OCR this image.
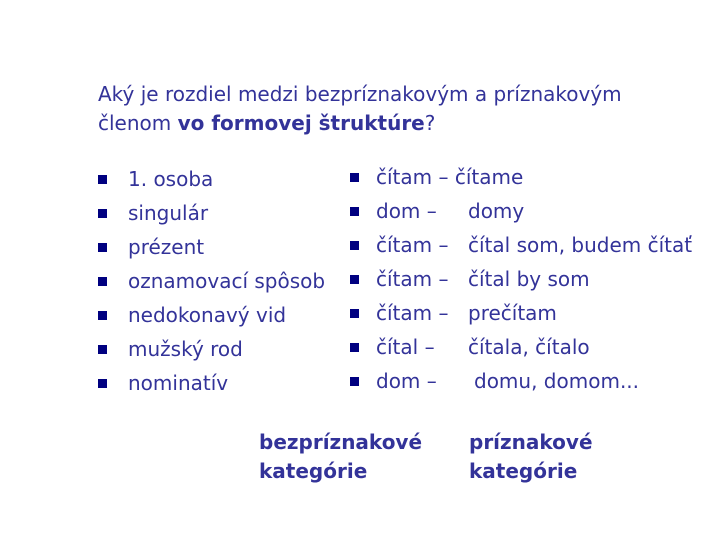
Aký je rozdiel medzi bezpríznakovým a príznakovým
členom vo formovej štruktúre?
1. osoba
singulár
prézent
oznamovací spôsob
nedokonavý vid
mužský rod
nominatív
čítam – čítame
dom – domy
čítam – čítal som, budem čítať
čítam – čítal by som
čítam – prečítam
čítal – čítala, čítalo
dom – domu, domom...
bezpríznakové
kategórie
príznakové
kategórie
